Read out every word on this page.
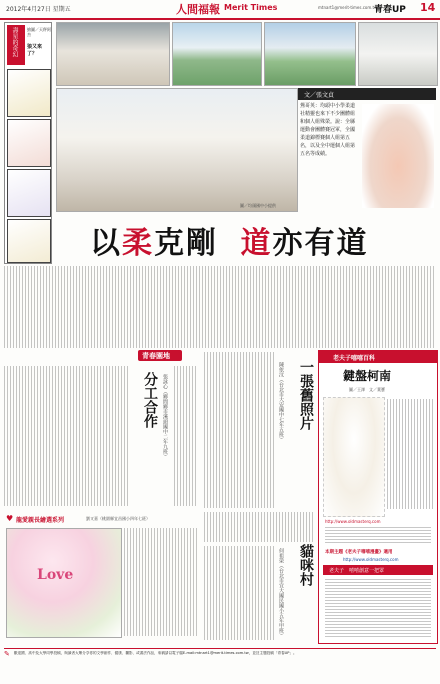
2012年4月27日 星期五	人間福報 Merit Times	mtnart1@merit-times.com.tw
青春UP 14
壽星的奇幻 繪圖／天秤阿杰
狼又來了？
圖／均頭國中小提供
文／張文貞

鶯哥英：均頭中小學柔道社精靈也來下不少團體組和個人組殊榮。說：全縣運動會團體賽冠軍，全國柔道錦標賽個人組第五名，以及全中運個人組第五名等成績。

以柔克剛 道亦有道
青春園地
分工合作 張詠心（鄉間鄉市溪頭國中二年九班）
♥ 龍愛親長繪選系列	劉又嘉（桃園縣宜昌國小四年七班）
Love
一張舊照片
陳依汶（台北市大安國中七年五班）
貓咪村
何祖榮（台北市宜大國民國小五年甲班）
老夫子嘻嘻百科
鍵盤柯南
圖／王澤　文／葉寶
http://www.oldmasterq.com
本期主題《老夫子嘻嘻漫畫》適用
http://www.oldmasterq.com
老夫子　嘻嘻創意一把罩
✎ 歡迎國、高中及大學同學投稿，與讀者大眾分享你的文學創作、健康、攝影、或書法作品，來稿請以電子檔E-mail:mtnart1@merit-times.com.tw，並註主題投稿「青春UP」。
